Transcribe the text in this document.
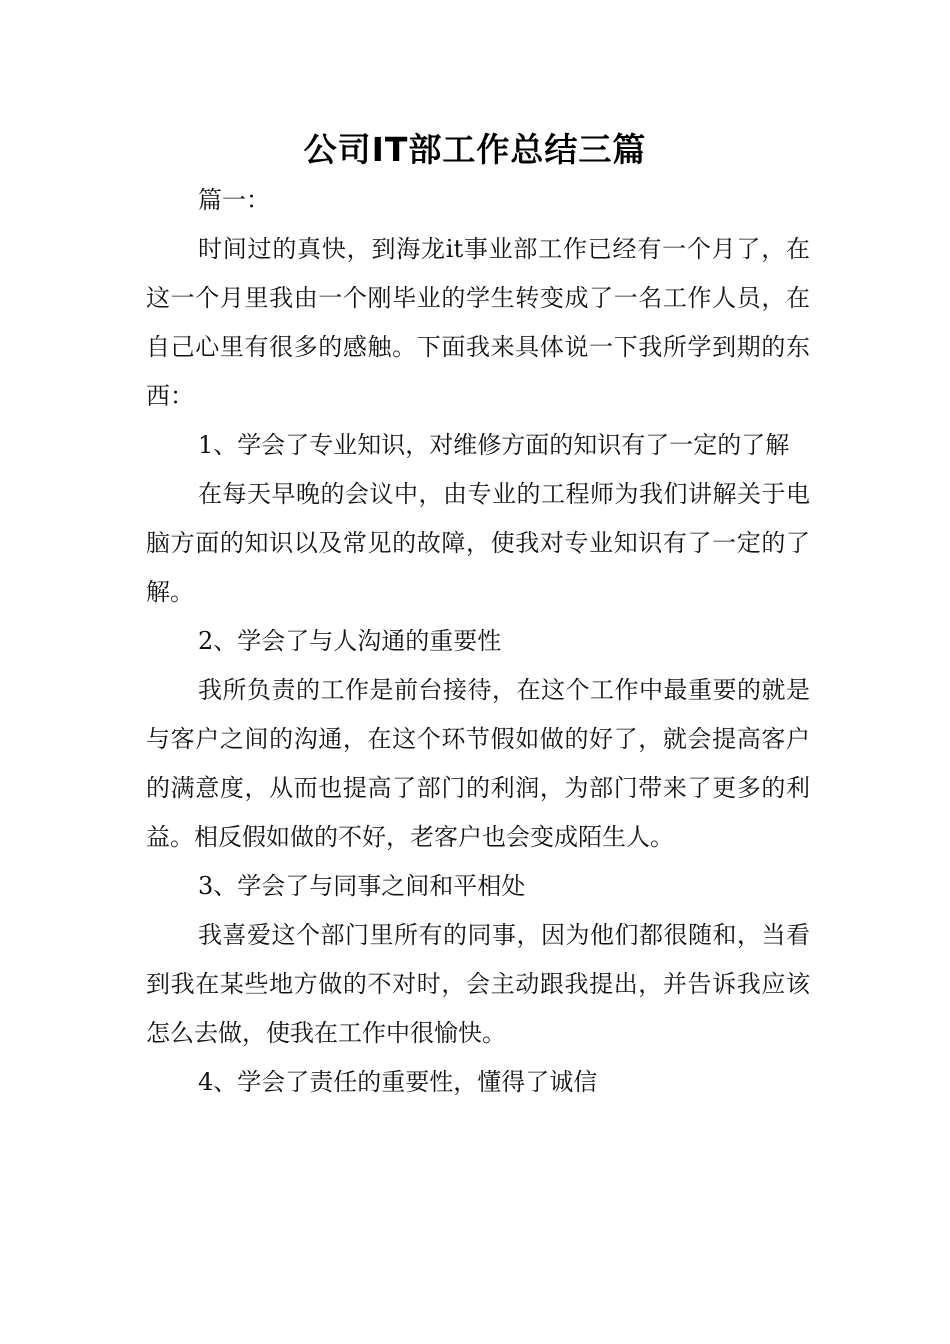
公司IT部工作总结三篇

篇一：

时间过的真快，到海龙it事业部工作已经有一个月了，在这一个月里我由一个刚毕业的学生转变成了一名工作人员，在自己心里有很多的感触。下面我来具体说一下我所学到期的东西：

1、学会了专业知识，对维修方面的知识有了一定的了解

在每天早晚的会议中，由专业的工程师为我们讲解关于电脑方面的知识以及常见的故障，使我对专业知识有了一定的了解。

2、学会了与人沟通的重要性

我所负责的工作是前台接待，在这个工作中最重要的就是与客户之间的沟通，在这个环节假如做的好了，就会提高客户的满意度，从而也提高了部门的利润，为部门带来了更多的利益。相反假如做的不好，老客户也会变成陌生人。

3、学会了与同事之间和平相处

我喜爱这个部门里所有的同事，因为他们都很随和，当看到我在某些地方做的不对时，会主动跟我提出，并告诉我应该怎么去做，使我在工作中很愉快。

4、学会了责任的重要性，懂得了诚信
